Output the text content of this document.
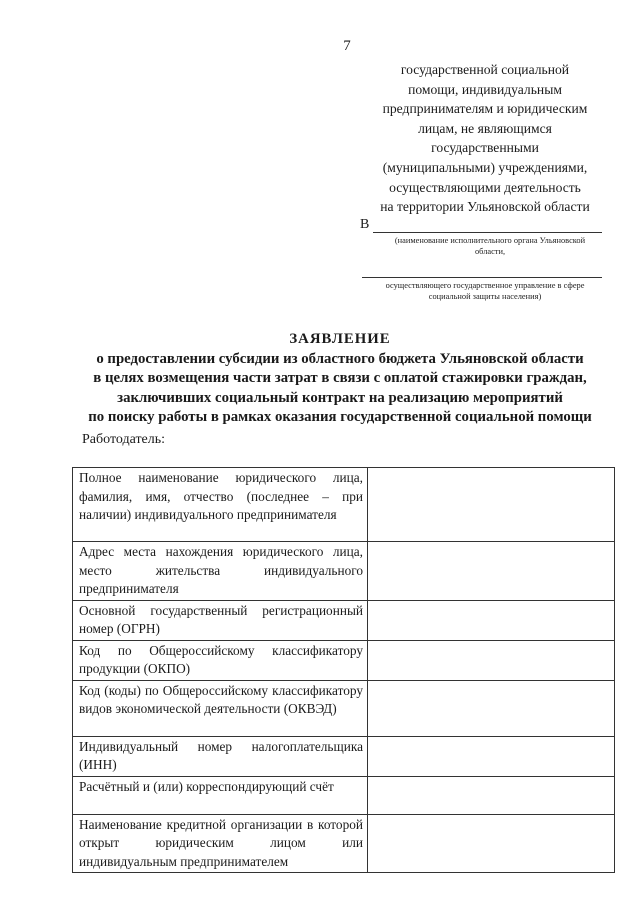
7
государственной социальной
помощи, индивидуальным
предпринимателям и юридическим
лицам, не являющимся
государственными
(муниципальными) учреждениями,
осуществляющими деятельность
на территории Ульяновской области
В
(наименование исполнительного органа Ульяновской
области,
осуществляющего государственное управление в сфере
социальной защиты населения)
ЗАЯВЛЕНИЕ
о предоставлении субсидии из областного бюджета Ульяновской области
в целях возмещения части затрат в связи с оплатой стажировки граждан,
заключивших социальный контракт на реализацию мероприятий
по поиску работы в рамках оказания государственной социальной помощи
Работодатель:
Полное наименование юридического лица, фамилия, имя, отчество (последнее – при наличии) индивидуального предпринимателя	
Адрес места нахождения юридического лица, место жительства индивидуального предпринимателя	
Основной государственный регистрационный номер (ОГРН)	
Код по Общероссийскому классификатору продукции (ОКПО)	
Код (коды) по Общероссийскому классификатору видов экономической деятельности (ОКВЭД)	
Индивидуальный номер налогоплательщика (ИНН)	
Расчётный и (или) корреспондирующий счёт	
Наименование кредитной организации в которой открыт юридическим лицом или индивидуальным предпринимателем	
